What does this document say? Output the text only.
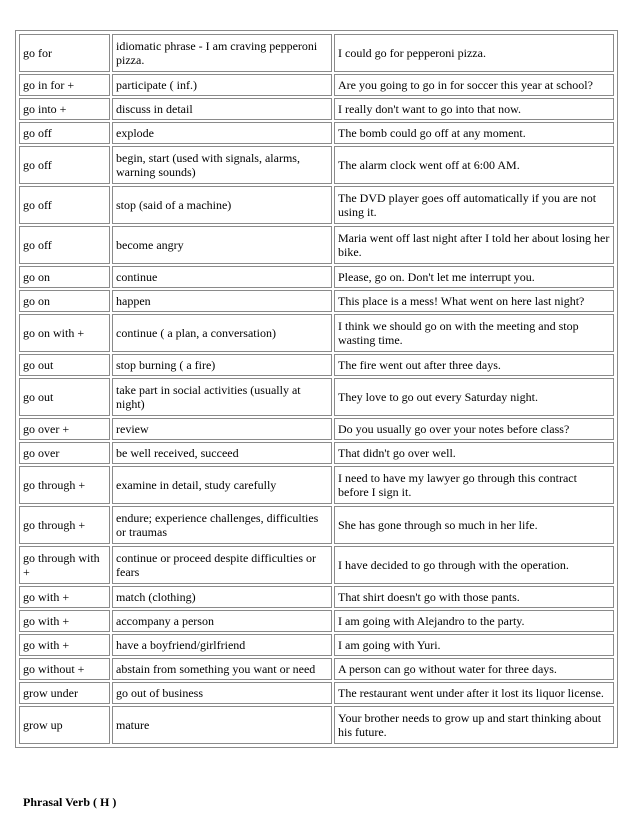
go for	idiomatic phrase - I am craving pepperoni pizza.	I could go for pepperoni pizza.
go in for +	participate ( inf.)	Are you going to go in for soccer this year at school?
go into +	discuss in detail	I really don't want to go into that now.
go off	explode	The bomb could go off at any moment.
go off	begin, start (used with signals, alarms, warning sounds)	The alarm clock went off at 6:00 AM.
go off	stop (said of a machine)	The DVD player goes off automatically if you are not using it.
go off	become angry	Maria went off last night after I told her about losing her bike.
go on	continue	Please, go on. Don't let me interrupt you.
go on	happen	This place is a mess! What went on here last night?
go on with +	continue ( a plan, a conversation)	I think we should go on with the meeting and stop wasting time.
go out	stop burning ( a fire)	The fire went out after three days.
go out	take part in social activities (usually at night)	They love to go out every Saturday night.
go over +	review	Do you usually go over your notes before class?
go over	be well received, succeed	That didn't go over well.
go through +	examine in detail, study carefully	I need to have my lawyer go through this contract before I sign it.
go through +	endure; experience challenges, difficulties or traumas	She has gone through so much in her life.
go through with +	continue or proceed despite difficulties or fears	I have decided to go through with the operation.
go with +	match (clothing)	That shirt doesn't go with those pants.
go with +	accompany a person	I am going with Alejandro to the party.
go with +	have a boyfriend/girlfriend	I am going with Yuri.
go without +	abstain from something you want or need	A person can go without water for three days.
grow under	go out of business	The restaurant went under after it lost its liquor license.
grow up	mature	Your brother needs to grow up and start thinking about his future.
Phrasal Verb ( H )
